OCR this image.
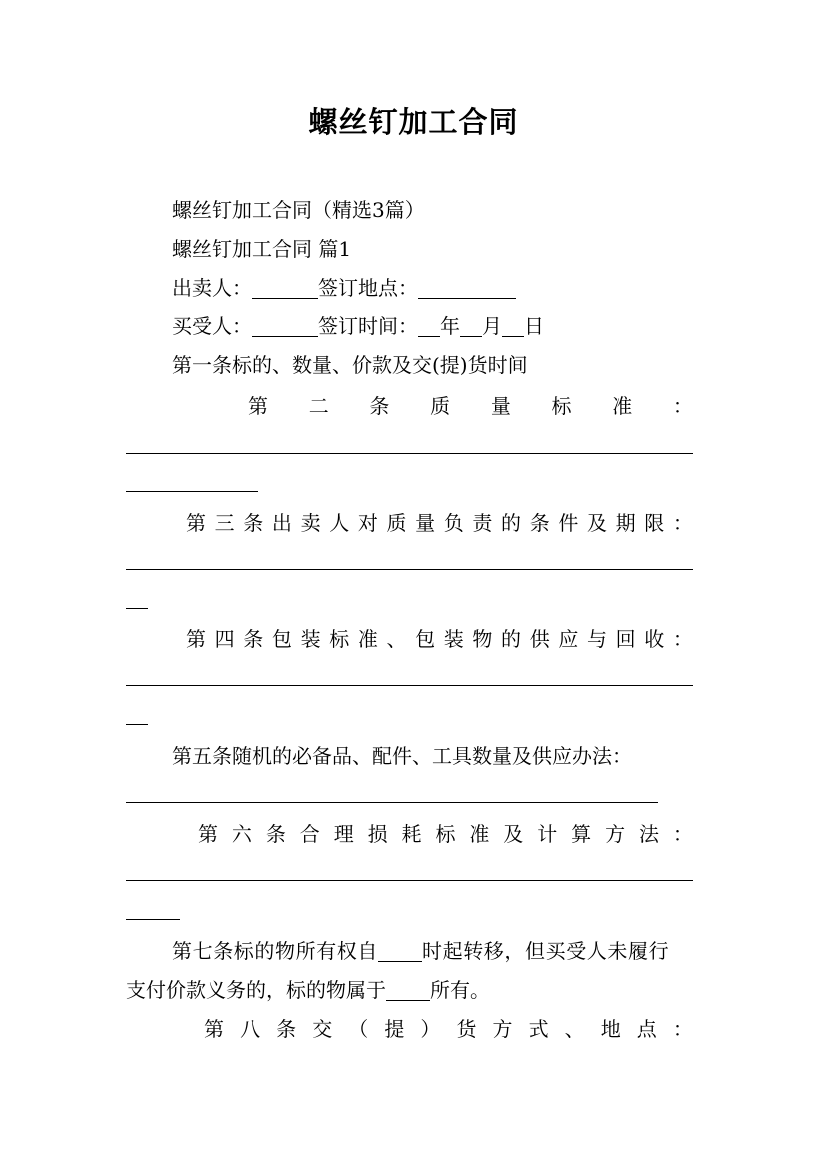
螺丝钉加工合同
螺丝钉加工合同（精选3篇）
螺丝钉加工合同 篇1
出卖人：	签订地点：
买受人：	签订时间： 年 月 日
第一条标的、数量、价款及交(提)货时间
第 二 条 质 量 标 准 ：
第 三 条 出 卖 人 对 质 量 负 责 的 条 件 及 期 限 ：
第 四 条 包 装 标 准 、 包 装 物 的 供 应 与 回 收 ：
第五条随机的必备品、配件、工具数量及供应办法：
第 六 条 合 理 损 耗 标 准 及 计 算 方 法 ：
第七条标的物所有权自 时起转移，但买受人未履行
支付价款义务的，标的物属于 所有。
第 八 条 交 （ 提 ） 货 方 式 、 地 点 ：
